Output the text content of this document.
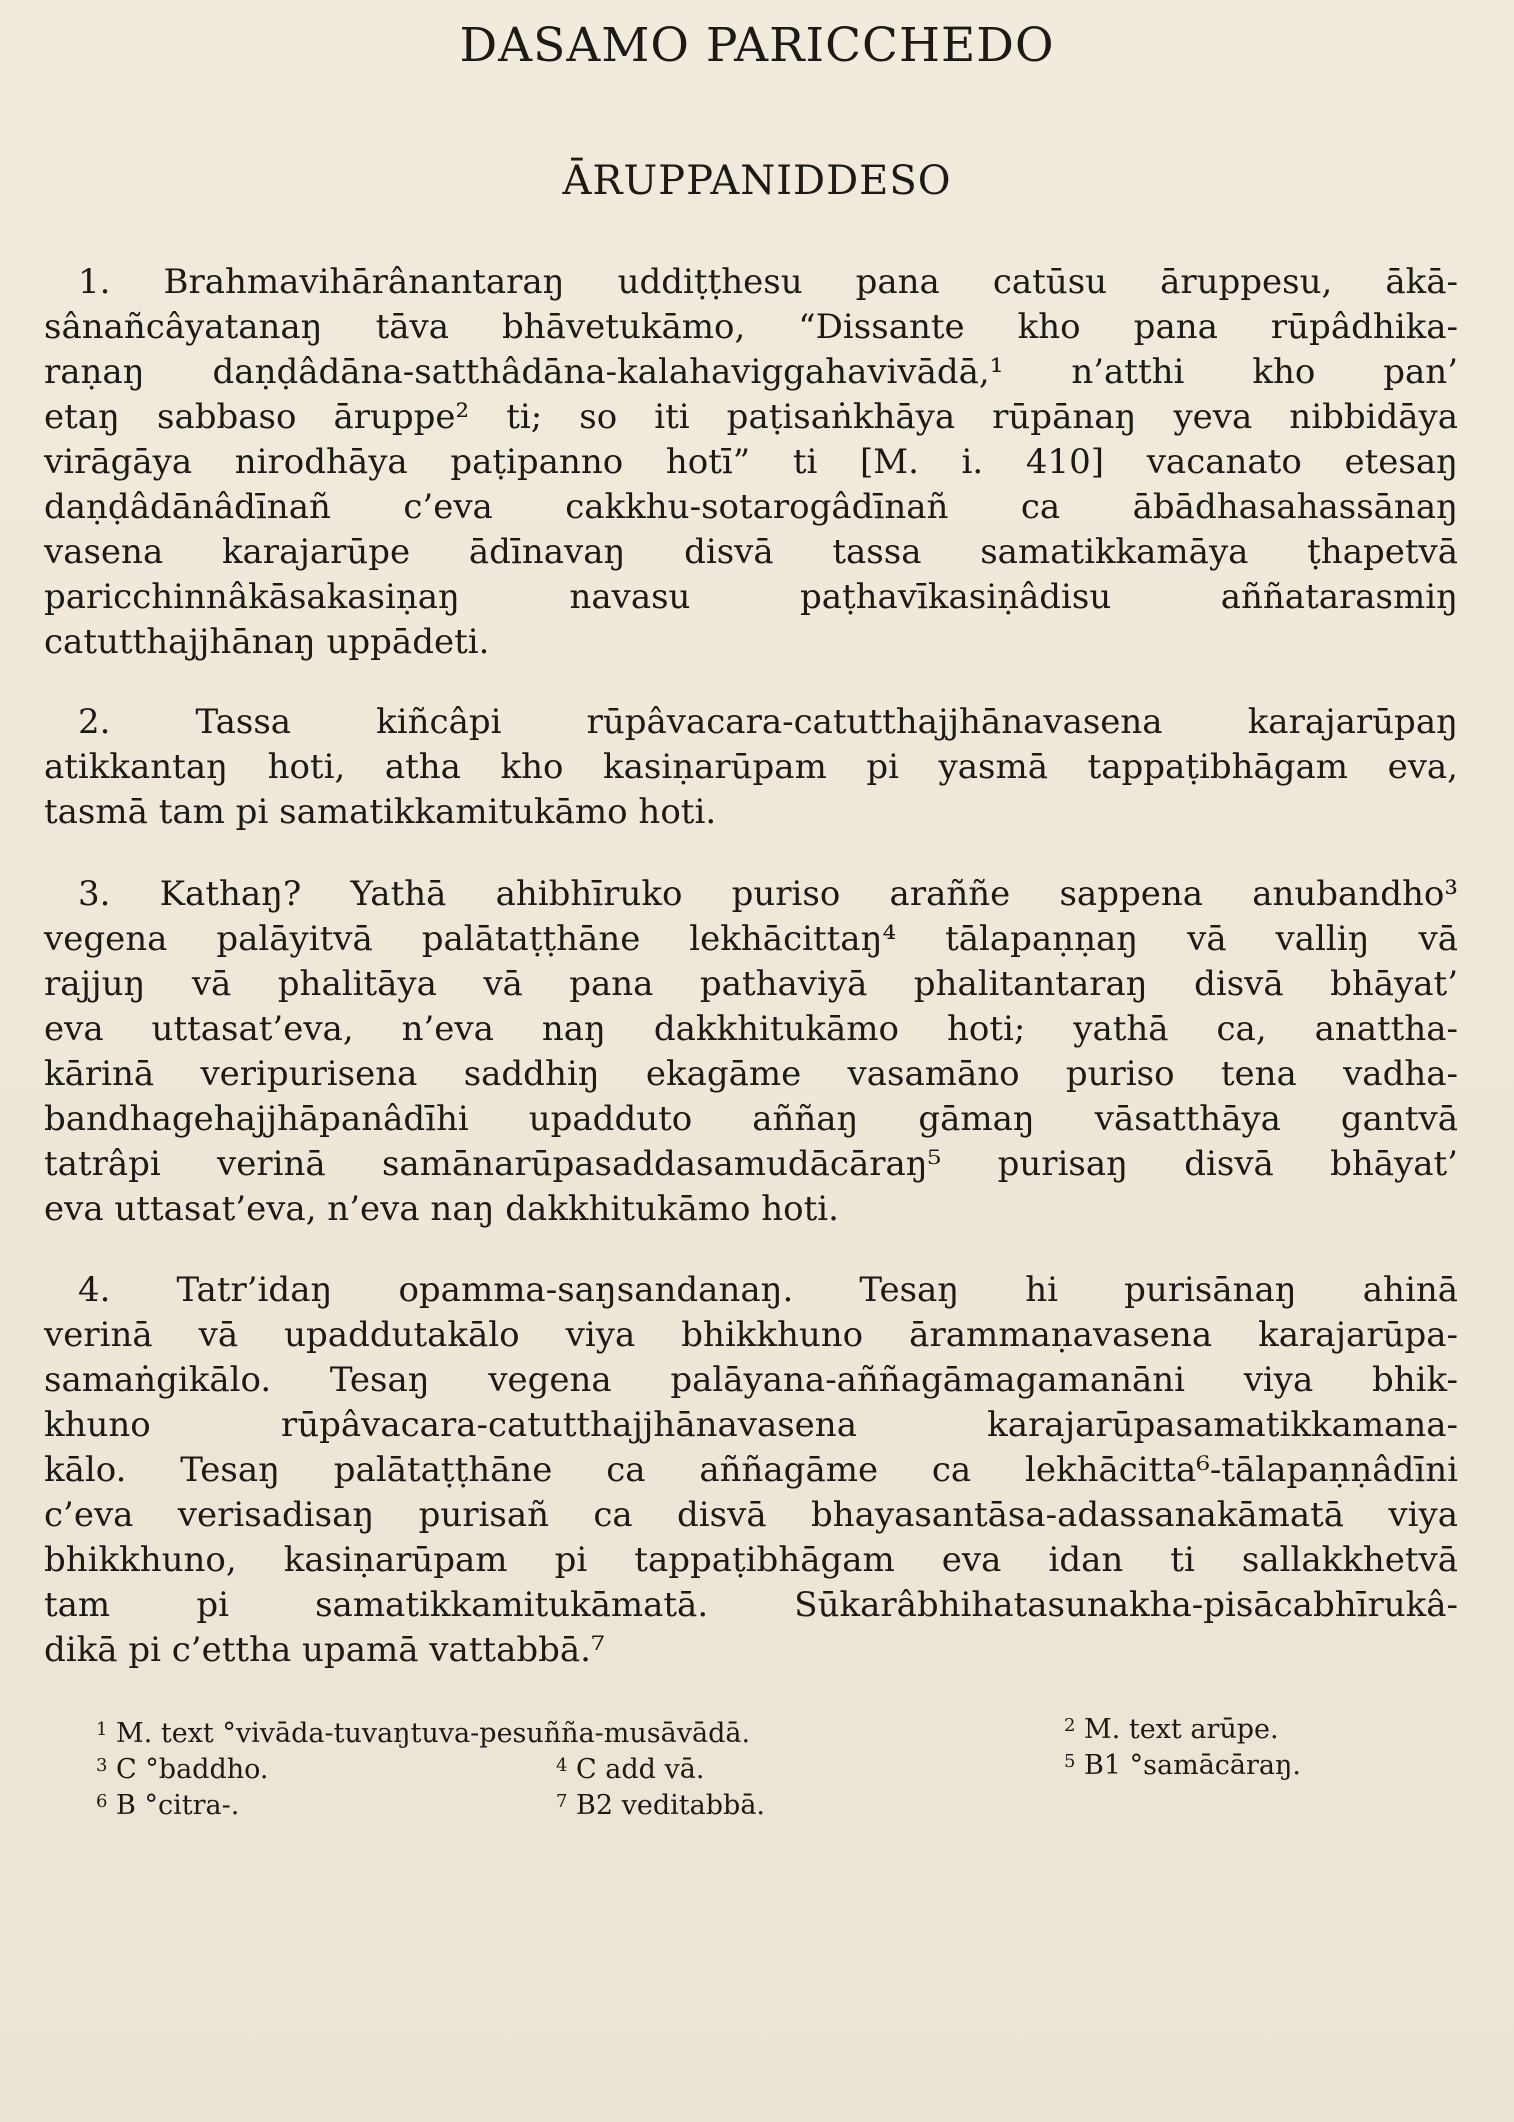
DASAMO PARICCHEDO
ĀRUPPANIDDESO
1. Brahmavihārânantaraŋ uddiṭṭhesu pana catūsu āruppesu, ākā-
sânañcâyatanaŋ tāva bhāvetukāmo, “Dissante kho pana rūpâdhika-
raṇaŋ daṇḍâdāna-satthâdāna-kalahaviggahavivādā,¹ n’atthi kho pan’
etaŋ sabbaso āruppe² ti; so iti paṭisaṅkhāya rūpānaŋ yeva nibbidāya
virāgāya nirodhāya paṭipanno hotī” ti [M. i. 410] vacanato etesaŋ
daṇḍâdānâdīnañ c’eva cakkhu-sotarogâdīnañ ca ābādhasahassānaŋ
vasena karajarūpe ādīnavaŋ disvā tassa samatikkamāya ṭhapetvā
paricchinnâkāsakasiṇaŋ navasu paṭhavīkasiṇâdisu aññatarasmiŋ
catutthajjhānaŋ uppādeti.
2. Tassa kiñcâpi rūpâvacara-catutthajjhānavasena karajarūpaŋ
atikkantaŋ hoti, atha kho kasiṇarūpam pi yasmā tappaṭibhāgam eva,
tasmā tam pi samatikkamitukāmo hoti.
3. Kathaŋ? Yathā ahibhīruko puriso araññe sappena anubandho³
vegena palāyitvā palātaṭṭhāne lekhācittaŋ⁴ tālapaṇṇaŋ vā valliŋ vā
rajjuŋ vā phalitāya vā pana pathaviyā phalitantaraŋ disvā bhāyat’
eva uttasat’eva, n’eva naŋ dakkhitukāmo hoti; yathā ca, anattha-
kārinā veripurisena saddhiŋ ekagāme vasamāno puriso tena vadha-
bandhagehajjhāpanâdīhi upadduto aññaŋ gāmaŋ vāsatthāya gantvā
tatrâpi verinā samānarūpasaddasamudācāraŋ⁵ purisaŋ disvā bhāyat’
eva uttasat’eva, n’eva naŋ dakkhitukāmo hoti.
4. Tatr’idaŋ opamma-saŋsandanaŋ. Tesaŋ hi purisānaŋ ahinā
verinā vā upaddutakālo viya bhikkhuno ārammaṇavasena karajarūpa-
samaṅgikālo. Tesaŋ vegena palāyana-aññagāmagamanāni viya bhik-
khuno rūpâvacara-catutthajjhānavasena karajarūpasamatikkamana-
kālo. Tesaŋ palātaṭṭhāne ca aññagāme ca lekhācitta⁶-tālapaṇṇâdīni
c’eva verisadisaŋ purisañ ca disvā bhayasantāsa-adassanakāmatā viya
bhikkhuno, kasiṇarūpam pi tappaṭibhāgam eva idan ti sallakkhetvā
tam pi samatikkamitukāmatā. Sūkarâbhihatasunakha-pisācabhīrukâ-
dikā pi c’ettha upamā vattabbā.⁷
$^1$ M. text °vivāda-tuvaŋtuva-pesuñña-musāvādā.	$^2$ M. text arūpe.
$^3$ C °baddho.	$^4$ C add vā.	$^5$ B1 °samācāraŋ.
$^6$ B °citra-.	$^7$ B2 veditabbā.
